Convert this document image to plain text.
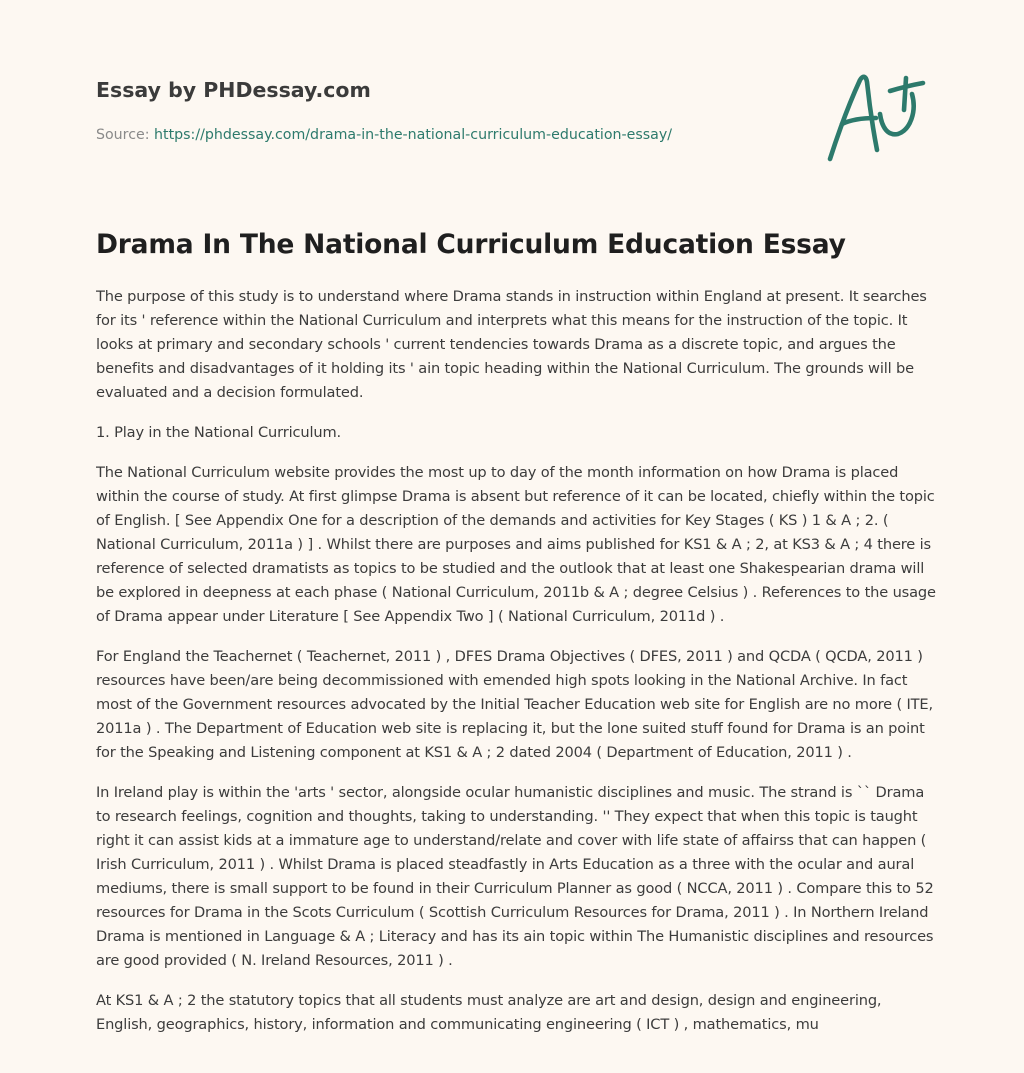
Essay by PHDessay.com
Source: https://phdessay.com/drama-in-the-national-curriculum-education-essay/
Drama In The National Curriculum Education Essay

The purpose of this study is to understand where Drama stands in instruction within England at present. It searches for its ' reference within the National Curriculum and interprets what this means for the instruction of the topic. It looks at primary and secondary schools ' current tendencies towards Drama as a discrete topic, and argues the benefits and disadvantages of it holding its ' ain topic heading within the National Curriculum. The grounds will be evaluated and a decision formulated.

1. Play in the National Curriculum.

The National Curriculum website provides the most up to day of the month information on how Drama is placed within the course of study. At first glimpse Drama is absent but reference of it can be located, chiefly within the topic of English. [ See Appendix One for a description of the demands and activities for Key Stages ( KS ) 1 & A ; 2. ( National Curriculum, 2011a ) ] . Whilst there are purposes and aims published for KS1 & A ; 2, at KS3 & A ; 4 there is reference of selected dramatists as topics to be studied and the outlook that at least one Shakespearian drama will be explored in deepness at each phase ( National Curriculum, 2011b & A ; degree Celsius ) . References to the usage of Drama appear under Literature [ See Appendix Two ] ( National Curriculum, 2011d ) .

For England the Teachernet ( Teachernet, 2011 ) , DFES Drama Objectives ( DFES, 2011 ) and QCDA ( QCDA, 2011 ) resources have been/are being decommissioned with emended high spots looking in the National Archive. In fact most of the Government resources advocated by the Initial Teacher Education web site for English are no more ( ITE, 2011a ) . The Department of Education web site is replacing it, but the lone suited stuff found for Drama is an point for the Speaking and Listening component at KS1 & A ; 2 dated 2004 ( Department of Education, 2011 ) .

In Ireland play is within the 'arts ' sector, alongside ocular humanistic disciplines and music. The strand is `` Drama to research feelings, cognition and thoughts, taking to understanding. '' They expect that when this topic is taught right it can assist kids at a immature age to understand/relate and cover with life state of affairss that can happen ( Irish Curriculum, 2011 ) . Whilst Drama is placed steadfastly in Arts Education as a three with the ocular and aural mediums, there is small support to be found in their Curriculum Planner as good ( NCCA, 2011 ) . Compare this to 52 resources for Drama in the Scots Curriculum ( Scottish Curriculum Resources for Drama, 2011 ) . In Northern Ireland Drama is mentioned in Language & A ; Literacy and has its ain topic within The Humanistic disciplines and resources are good provided ( N. Ireland Resources, 2011 ) .

At KS1 & A ; 2 the statutory topics that all students must analyze are art and design, design and engineering, English, geographics, history, information and communicating engineering ( ICT ) , mathematics, mu
